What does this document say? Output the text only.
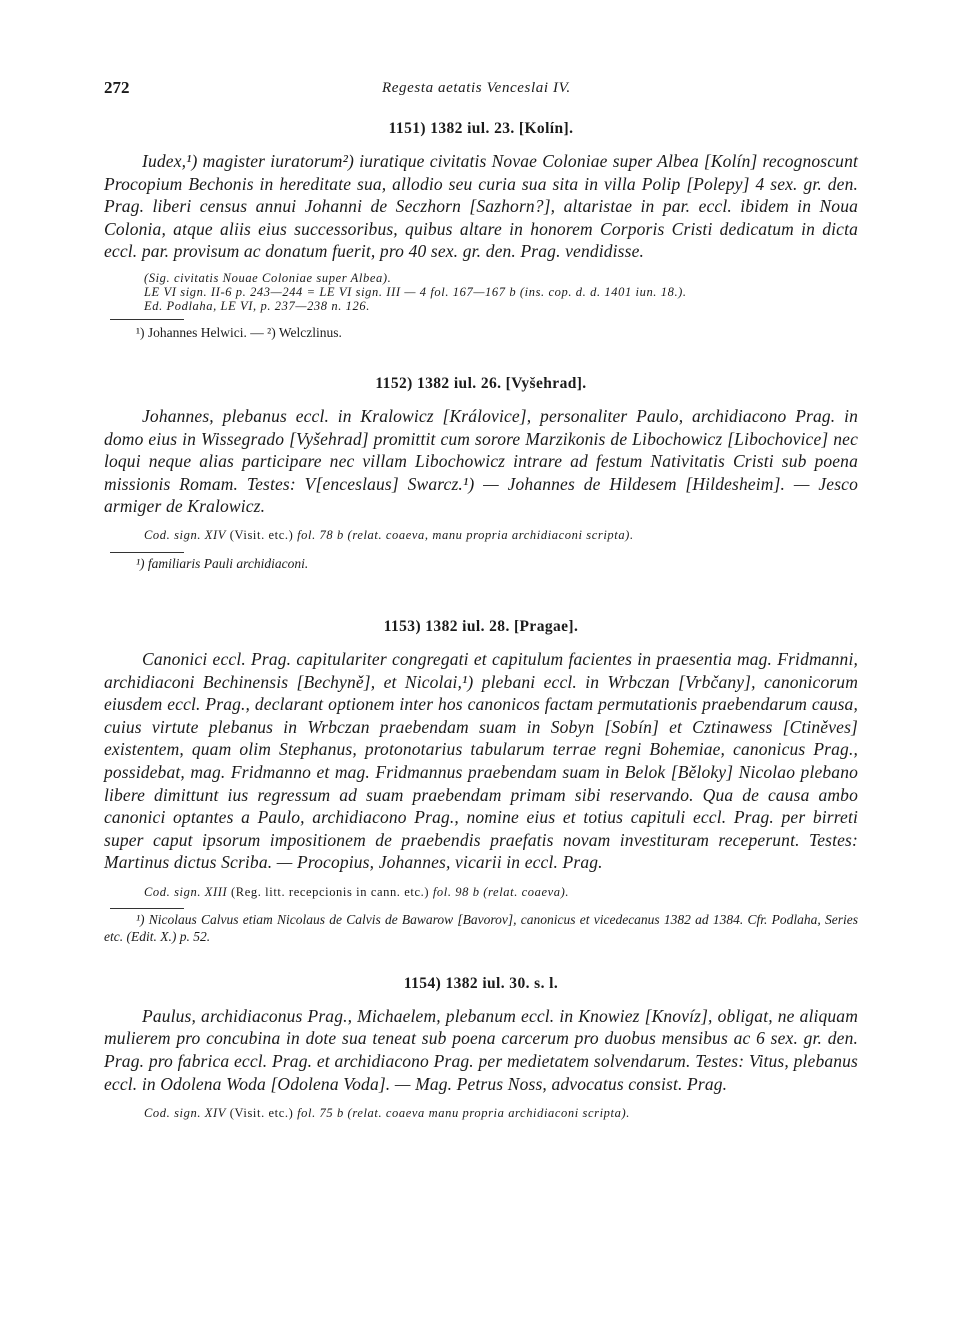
272	Regesta aetatis Venceslai IV.
1151) 1382 iul. 23. [Kolín].

Iudex,¹) magister iuratorum²) iuratique civitatis Novae Coloniae super Albea [Kolín] recognoscunt Procopium Bechonis in hereditate sua, allodio seu curia sua sita in villa Polip [Polepy] 4 sex. gr. den. Prag. liberi census annui Johanni de Seczhorn [Sazhorn?], altaristae in par. eccl. ibidem in Noua Colonia, atque aliis eius successoribus, quibus altare in honorem Corporis Cristi dedicatum in dicta eccl. par. provisum ac donatum fuerit, pro 40 sex. gr. den. Prag. vendidisse.

(Sig. civitatis Nouae Coloniae super Albea).
LE VI sign. II-6 p. 243—244 = LE VI sign. III — 4 fol. 167—167 b (ins. cop. d. d. 1401 iun. 18.).
Ed. Podlaha, LE VI, p. 237—238 n. 126.
¹) Johannes Helwici. — ²) Welczlinus.
1152) 1382 iul. 26. [Vyšehrad].

Johannes, plebanus eccl. in Kralowicz [Královice], personaliter Paulo, archidiacono Prag. in domo eius in Wissegrado [Vyšehrad] promittit cum sorore Marzikonis de Libochowicz [Libochovice] nec loqui neque alias participare nec villam Libochowicz intrare ad festum Nativitatis Cristi sub poena missionis Romam. Testes: V[enceslaus] Swarcz.¹) — Johannes de Hildesem [Hildesheim]. — Jesco armiger de Kralowicz.

Cod. sign. XIV (Visit. etc.) fol. 78 b (relat. coaeva, manu propria archidiaconi scripta).
¹) familiaris Pauli archidiaconi.
1153) 1382 iul. 28. [Pragae].

Canonici eccl. Prag. capitulariter congregati et capitulum facientes in praesentia mag. Fridmanni, archidiaconi Bechinensis [Bechyně], et Nicolai,¹) plebani eccl. in Wrbczan [Vrbčany], canonicorum eiusdem eccl. Prag., declarant optionem inter hos canonicos factam permutationis praebendarum causa, cuius virtute plebanus in Wrbczan praebendam suam in Sobyn [Sobín] et Cztinawess [Ctiněves] existentem, quam olim Stephanus, protonotarius tabularum terrae regni Bohemiae, canonicus Prag., possidebat, mag. Fridmanno et mag. Fridmannus praebendam suam in Belok [Běloky] Nicolao plebano libere dimittunt ius regressum ad suam praebendam primam sibi reservando. Qua de causa ambo canonici optantes a Paulo, archidiacono Prag., nomine eius et totius capituli eccl. Prag. per birreti super caput ipsorum impositionem de praebendis praefatis novam investituram receperunt. Testes: Martinus dictus Scriba. — Procopius, Johannes, vicarii in eccl. Prag.

Cod. sign. XIII (Reg. litt. recepcionis in cann. etc.) fol. 98 b (relat. coaeva).
¹) Nicolaus Calvus etiam Nicolaus de Calvis de Bawarow [Bavorov], canonicus et vicedecanus 1382 ad 1384. Cfr. Podlaha, Series etc. (Edit. X.) p. 52.
1154) 1382 iul. 30. s. l.

Paulus, archidiaconus Prag., Michaelem, plebanum eccl. in Knowiez [Knovíz], obligat, ne aliquam mulierem pro concubina in dote sua teneat sub poena carcerum pro duobus mensibus ac 6 sex. gr. den. Prag. pro fabrica eccl. Prag. et archidiacono Prag. per medietatem solvendarum. Testes: Vitus, plebanus eccl. in Odolena Woda [Odolena Voda]. — Mag. Petrus Noss, advocatus consist. Prag.

Cod. sign. XIV (Visit. etc.) fol. 75 b (relat. coaeva manu propria archidiaconi scripta).
